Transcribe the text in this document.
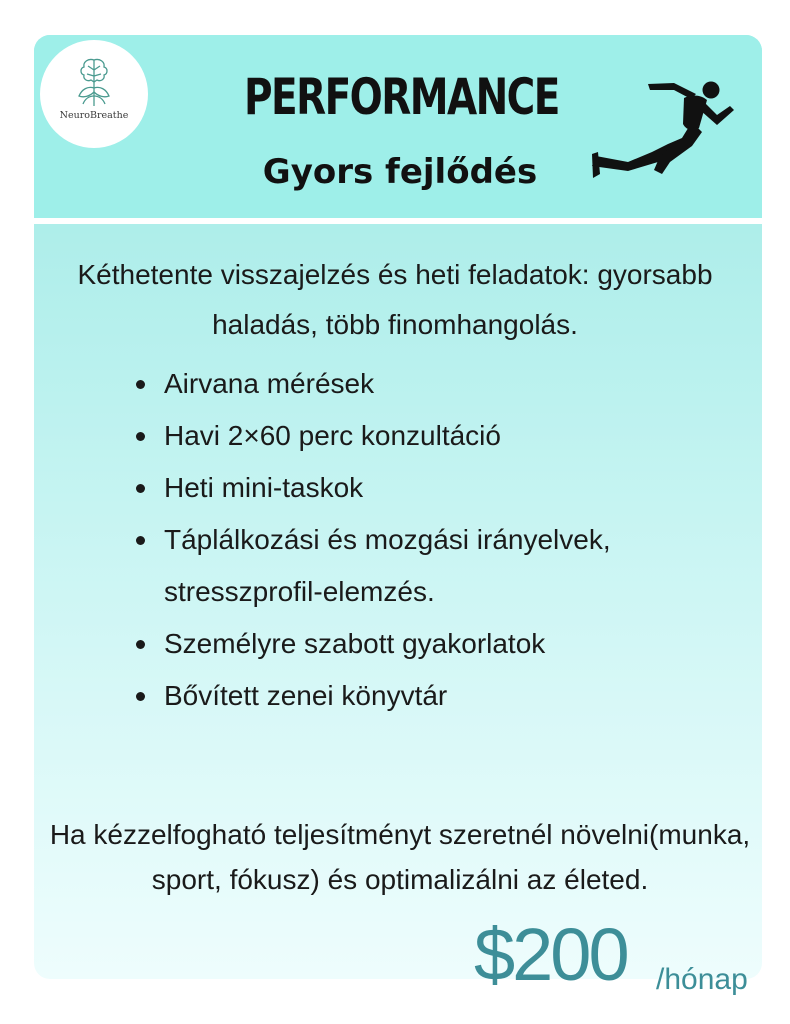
NeuroBreathe	PERFORMANCE
Gyors fejlődés
Kéthetente visszajelzés és heti feladatok: gyorsabb haladás, több finomhangolás.
Airvana mérések
Havi 2×60 perc konzultáció
Heti mini-taskok
Táplálkozási és mozgási irányelvek, stresszprofil-elemzés.
Személyre szabott gyakorlatok
Bővített zenei könyvtár
Ha kézzelfogható teljesítményt szeretnél növelni(munka, sport, fókusz) és optimalizálni az életed.
$200 /hónap
